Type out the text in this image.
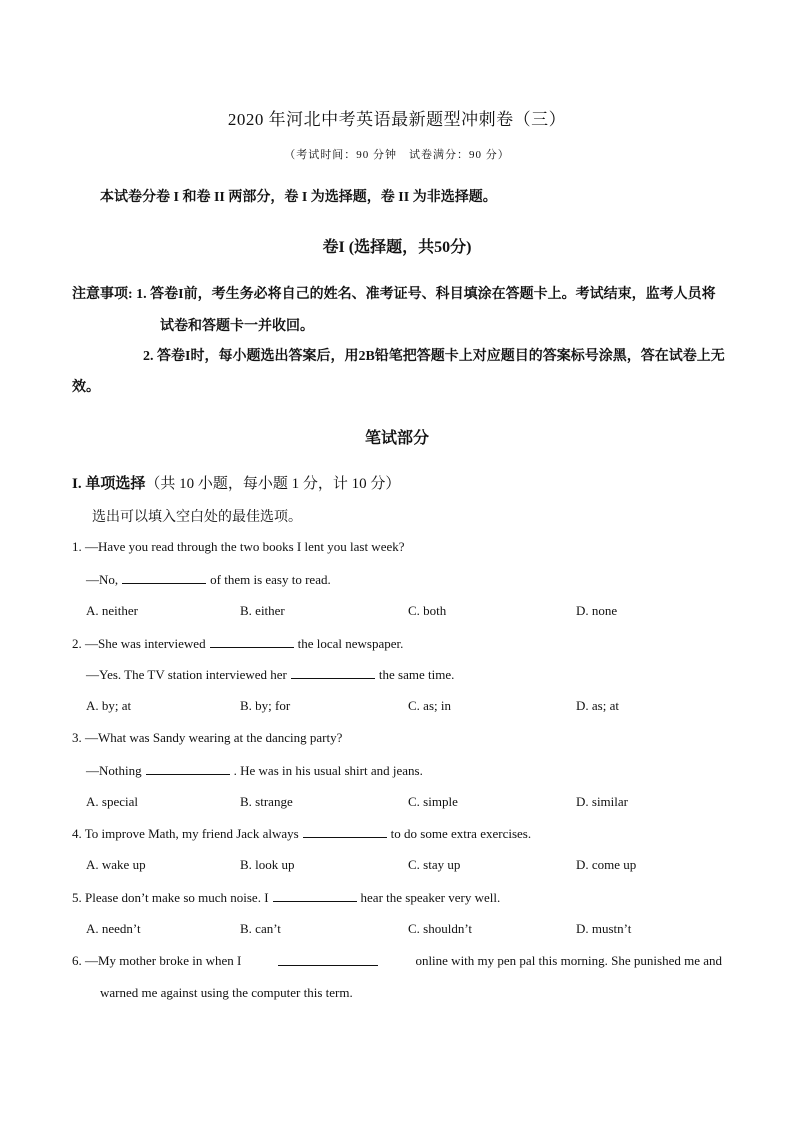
2020 年河北中考英语最新题型冲刺卷（三）
（考试时间：90 分钟　试卷满分：90 分）
本试卷分卷 I 和卷 II 两部分，卷 I 为选择题，卷 II 为非选择题。
卷I (选择题，共50分)
注意事项: 1. 答卷I前，考生务必将自己的姓名、准考证号、科目填涂在答题卡上。考试结束，监考人员将
试卷和答题卡一并收回。
2. 答卷I时，每小题选出答案后，用2B铅笔把答题卡上对应题目的答案标号涂黑，答在试卷上无
效。
笔试部分
I. 单项选择（共 10 小题，每小题 1 分，计 10 分）
选出可以填入空白处的最佳选项。
1. —Have you read through the two books I lent you last week?
—No,	of them is easy to read.
A. neither	B. either	C. both	D. none
2. —She was interviewed	the local newspaper.
—Yes. The TV station interviewed her	the same time.
A. by; at	B. by; for	C. as; in	D. as; at
3. —What was Sandy wearing at the dancing party?
—Nothing	. He was in his usual shirt and jeans.
A. special	B. strange	C. simple	D. similar
4. To improve Math, my friend Jack always	to do some extra exercises.
A. wake up	B. look up	C. stay up	D. come up
5. Please don’t make so much noise. I	hear the speaker very well.
A. needn’t	B. can’t	C. shouldn’t	D. mustn’t
6. —My mother broke in when I	online with my pen pal this morning. She punished me and
warned me against using the computer this term.
